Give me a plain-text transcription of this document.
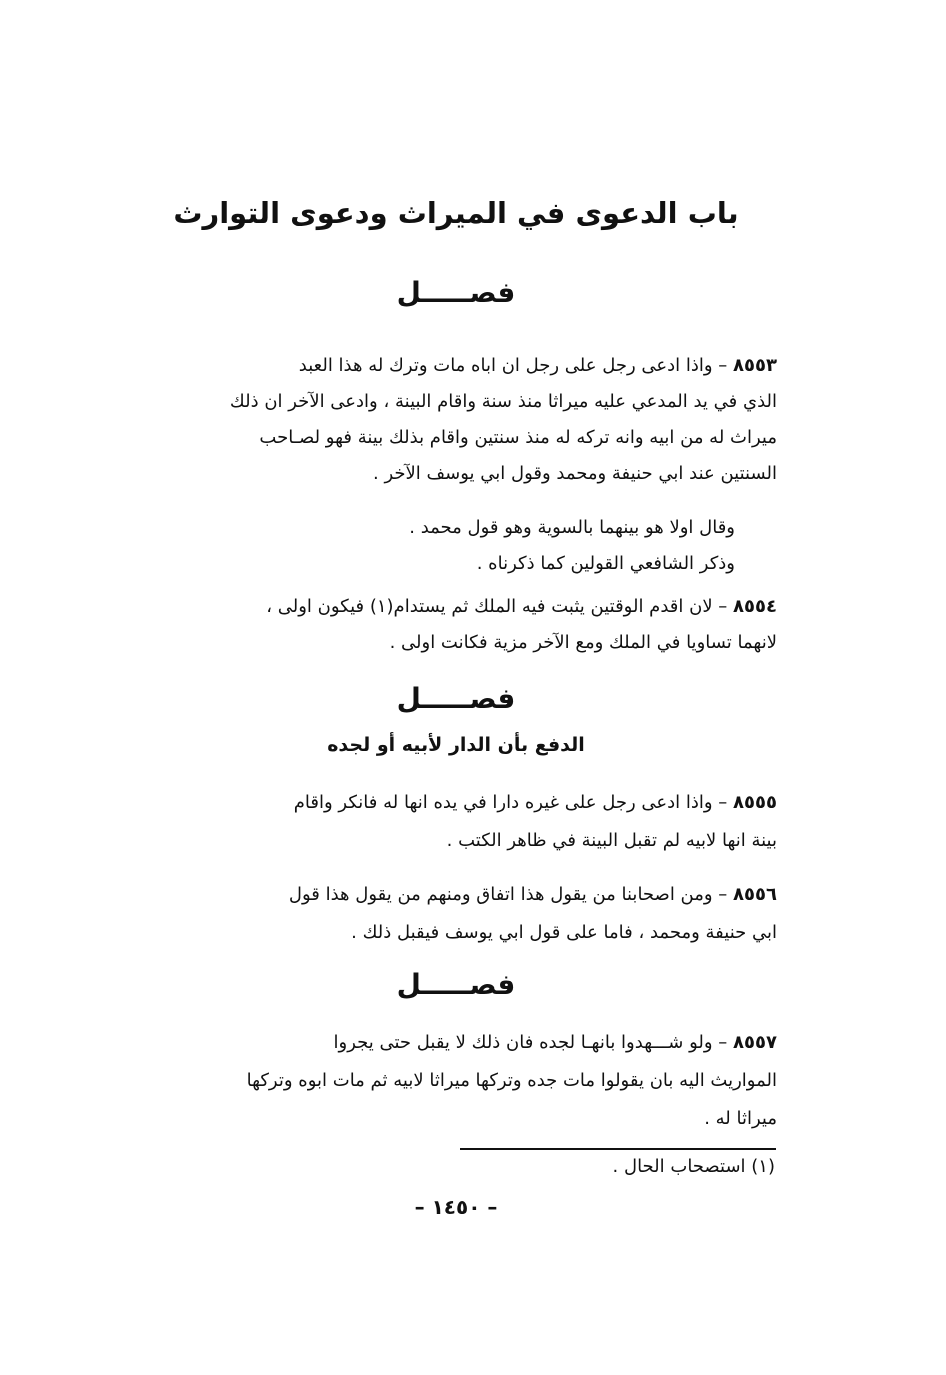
باب الدعوى في الميراث ودعوى التوارث
فصـــــل
٨٥٥٣ – واذا ادعى رجل على رجل ان اباه مات وترك له هذا العبد
الذي في يد المدعي عليه ميراثا منذ سنة واقام البينة ، وادعى الآخر ان ذلك
ميراث له من ابيه وانه تركه له منذ سنتين واقام بذلك بينة فهو لصـاحب
السنتين عند ابي حنيفة ومحمد وقول ابي يوسف الآخر .
وقال اولا هو بينهما بالسوية وهو قول محمد .
وذكر الشافعي القولين كما ذكرناه .
٨٥٥٤ – لان اقدم الوقتين يثبت فيه الملك ثم يستدام(١) فيكون اولى ،
لانهما تساويا في الملك ومع الآخر مزية فكانت اولى .
فصـــــل
الدفع بأن الدار لأبيه أو لجده
٨٥٥٥ – واذا ادعى رجل على غيره دارا في يده انها له فانكر واقام
بينة انها لابيه لم تقبل البينة في ظاهر الكتب .
٨٥٥٦ – ومن اصحابنا من يقول هذا اتفاق ومنهم من يقول هذا قول
ابي حنيفة ومحمد ، فاما على قول ابي يوسف فيقبل ذلك .
فصـــــل
٨٥٥٧ – ولو شـــهدوا بانهـا لجده فان ذلك لا يقبل حتى يجروا
المواريث اليه بان يقولوا مات جده وتركها ميراثا لابيه ثم مات ابوه وتركها
ميراثا له .
(١) استصحاب الحال .
– ١٤٥٠ –
